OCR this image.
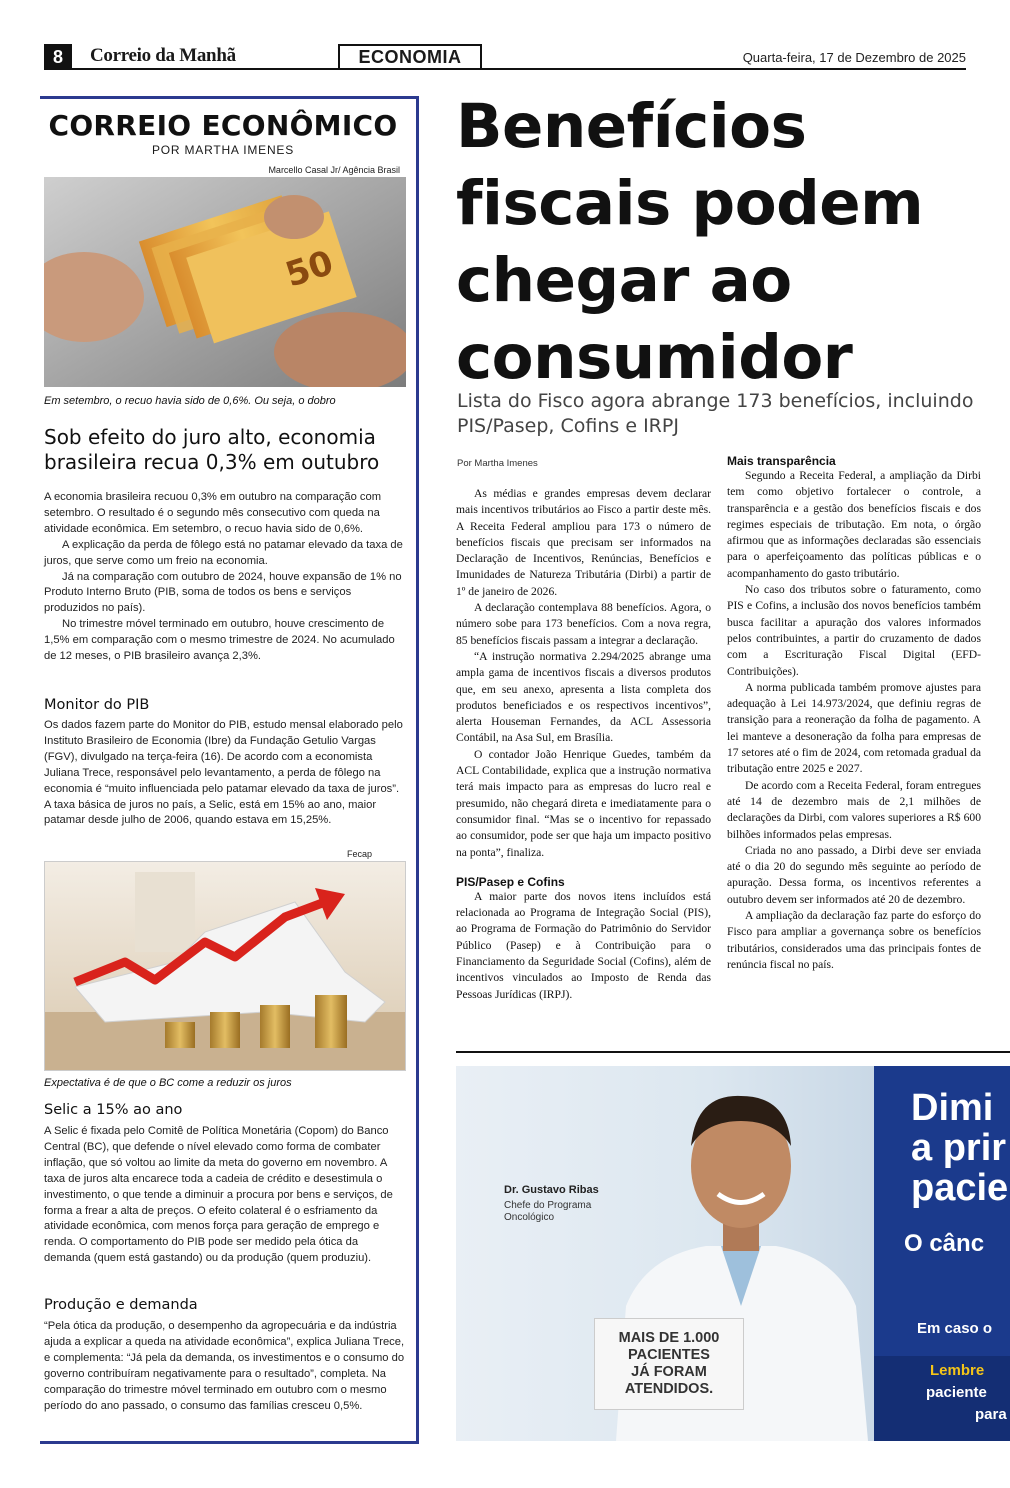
8	Correio da Manhã	ECONOMIA	Quarta-feira, 17 de Dezembro de 2025
CORREIO ECONÔMICO
POR MARTHA IMENES
Marcello Casal Jr/ Agência Brasil
50
Em setembro, o recuo havia sido de 0,6%. Ou seja, o dobro
Sob efeito do juro alto, economia brasileira recua 0,3% em outubro

A economia brasileira recuou 0,3% em outubro na comparação com setembro. O resultado é o segundo mês consecutivo com queda na atividade econômica. Em setembro, o recuo havia sido de 0,6%.

A explicação da perda de fôlego está no patamar elevado da taxa de juros, que serve como um freio na economia.

Já na comparação com outubro de 2024, houve expansão de 1% no Produto Interno Bruto (PIB, soma de todos os bens e serviços produzidos no país).

No trimestre móvel terminado em outubro, houve crescimento de 1,5% em comparação com o mesmo trimestre de 2024. No acumulado de 12 meses, o PIB brasileiro avança 2,3%.

Monitor do PIB

Os dados fazem parte do Monitor do PIB, estudo mensal elaborado pelo Instituto Brasileiro de Economia (Ibre) da Fundação Getulio Vargas (FGV), divulgado na terça-feira (16). De acordo com a economista Juliana Trece, responsável pelo levantamento, a perda de fôlego na economia é “muito influenciada pelo patamar elevado da taxa de juros”. A taxa básica de juros no país, a Selic, está em 15% ao ano, maior patamar desde julho de 2006, quando estava em 15,25%.

Fecap
Expectativa é de que o BC come a reduzir os juros
Selic a 15% ao ano

A Selic é fixada pelo Comitê de Política Monetária (Copom) do Banco Central (BC), que defende o nível elevado como forma de combater inflação, que só voltou ao limite da meta do governo em novembro. A taxa de juros alta encarece toda a cadeia de crédito e desestimula o investimento, o que tende a diminuir a procura por bens e serviços, de forma a frear a alta de preços. O efeito colateral é o esfriamento da atividade econômica, com menos força para geração de emprego e renda. O comportamento do PIB pode ser medido pela ótica da demanda (quem está gastando) ou da produção (quem produziu).

Produção e demanda

“Pela ótica da produção, o desempenho da agropecuária e da indústria ajuda a explicar a queda na atividade econômica”, explica Juliana Trece, e complementa: “Já pela da demanda, os investimentos e o consumo do governo contribuíram negativamente para o resultado”, completa. Na comparação do trimestre móvel terminado em outubro com o mesmo período do ano passado, o consumo das famílias cresceu 0,5%.

Benefícios fiscais podem chegar ao consumidor
Lista do Fisco agora abrange 173 benefícios, incluindo PIS/Pasep, Cofins e IRPJ
Por Martha Imenes

As médias e grandes empresas devem declarar mais incentivos tributários ao Fisco a partir deste mês. A Receita Federal ampliou para 173 o número de benefícios fiscais que precisam ser informados na Declaração de Incentivos, Renúncias, Benefícios e Imunidades de Natureza Tributária (Dirbi) a partir de 1º de janeiro de 2026.

A declaração contemplava 88 benefícios. Agora, o número sobe para 173 benefícios. Com a nova regra, 85 benefícios fiscais passam a integrar a declaração.

“A instrução normativa 2.294/2025 abrange uma ampla gama de incentivos fiscais a diversos produtos que, em seu anexo, apresenta a lista completa dos produtos beneficiados e os respectivos incentivos”, alerta Houseman Fernandes, da ACL Assessoria Contábil, na Asa Sul, em Brasília.

O contador João Henrique Guedes, também da ACL Contabilidade, explica que a instrução normativa terá mais impacto para as empresas do lucro real e presumido, não chegará direta e imediatamente para o consumidor final. “Mas se o incentivo for repassado ao consumidor, pode ser que haja um impacto positivo na ponta”, finaliza.

PIS/Pasep e Cofins

A maior parte dos novos itens incluídos está relacionada ao Programa de Integração Social (PIS), ao Programa de Formação do Patrimônio do Servidor Público (Pasep) e à Contribuição para o Financiamento da Seguridade Social (Cofins), além de incentivos vinculados ao Imposto de Renda das Pessoas Jurídicas (IRPJ).

Mais transparência

Segundo a Receita Federal, a ampliação da Dirbi tem como objetivo fortalecer o controle, a transparência e a gestão dos benefícios fiscais e dos regimes especiais de tributação. Em nota, o órgão afirmou que as informações declaradas são essenciais para o aperfeiçoamento das políticas públicas e o acompanhamento do gasto tributário.

No caso dos tributos sobre o faturamento, como PIS e Cofins, a inclusão dos novos benefícios também busca facilitar a apuração dos valores informados pelos contribuintes, a partir do cruzamento de dados com a Escrituração Fiscal Digital (EFD-Contribuições).

A norma publicada também promove ajustes para adequação à Lei 14.973/2024, que definiu regras de transição para a reoneração da folha de pagamento. A lei manteve a desoneração da folha para empresas de 17 setores até o fim de 2024, com retomada gradual da tributação entre 2025 e 2027.

De acordo com a Receita Federal, foram entregues até 14 de dezembro mais de 2,1 milhões de declarações da Dirbi, com valores superiores a R$ 600 bilhões informados pelas empresas.

Criada no ano passado, a Dirbi deve ser enviada até o dia 20 do segundo mês seguinte ao período de apuração. Dessa forma, os incentivos referentes a outubro devem ser informados até 20 de dezembro.

A ampliação da declaração faz parte do esforço do Fisco para ampliar a governança sobre os benefícios tributários, considerados uma das principais fontes de renúncia fiscal no país.

Dr. Gustavo Ribas
Chefe do Programa Oncológico
MAIS DE 1.000
PACIENTES
JÁ FORAM
ATENDIDOS.
Dimi
a prir
pacie
O cânc
Em caso o
Lembre
paciente
para
